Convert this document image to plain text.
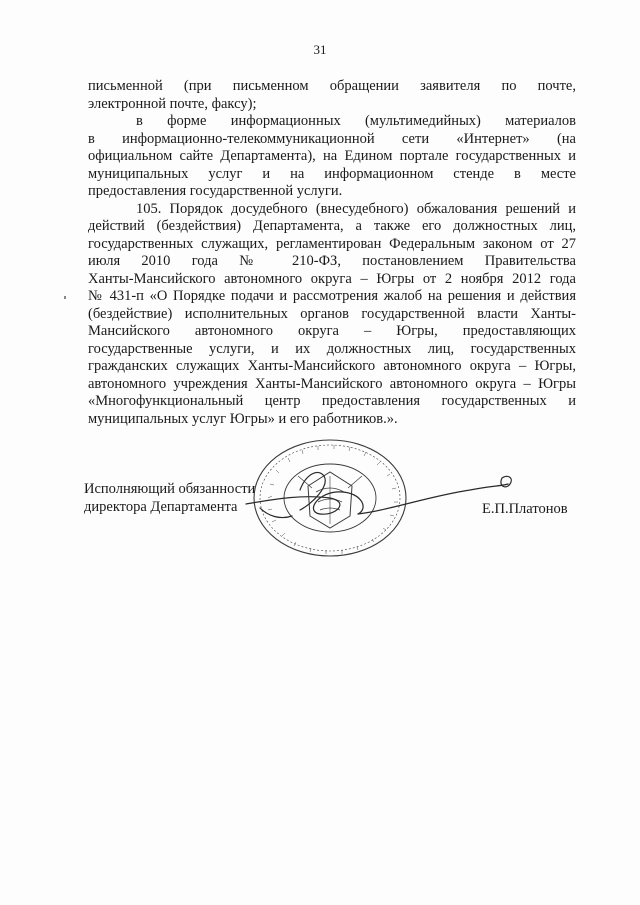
31

письменной (при письменном обращении заявителя по почте,
электронной почте, факсу);

в форме информационных (мультимедийных) материалов
в информационно-телекоммуникационной сети «Интернет» (на
официальном сайте Департамента), на Едином портале государственных и
муниципальных услуг и на информационном стенде в месте
предоставления государственной услуги.

105. Порядок досудебного (внесудебного) обжалования решений и
действий (бездействия) Департамента, а также его должностных лиц,
государственных служащих, регламентирован Федеральным законом от 27
июля 2010 года № 210-ФЗ, постановлением Правительства
Ханты-Мансийского автономного округа – Югры от 2 ноября 2012 года
№ 431-п «О Порядке подачи и рассмотрения жалоб на решения и действия
(бездействие) исполнительных органов государственной власти Ханты-
Мансийского автономного округа – Югры, предоставляющих
государственные услуги, и их должностных лиц, государственных
гражданских служащих Ханты-Мансийского автономного округа – Югры,
автономного учреждения Ханты-Мансийского автономного округа – Югры
«Многофункциональный центр предоставления государственных и
муниципальных услуг Югры» и его работников.».

Исполняющий обязанности
директора Департамента	Е.П.Платонов
